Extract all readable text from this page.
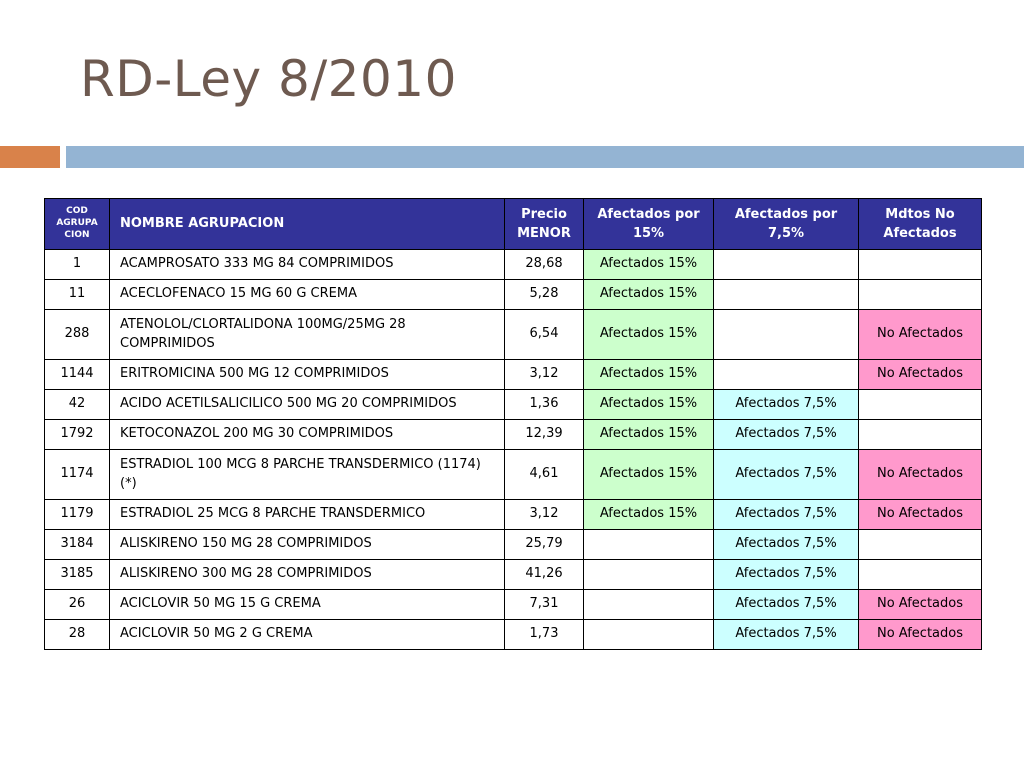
RD-Ley 8/2010
COD AGRUPA CION	NOMBRE AGRUPACION	Precio MENOR	Afectados por 15%	Afectados por 7,5%	Mdtos No Afectados
1	ACAMPROSATO 333 MG 84 COMPRIMIDOS	28,68	Afectados 15%		
11	ACECLOFENACO 15 MG 60 G CREMA	5,28	Afectados 15%		
288	ATENOLOL/CLORTALIDONA 100MG/25MG 28 COMPRIMIDOS	6,54	Afectados 15%		No Afectados
1144	ERITROMICINA 500 MG 12 COMPRIMIDOS	3,12	Afectados 15%		No Afectados
42	ACIDO ACETILSALICILICO 500 MG 20 COMPRIMIDOS	1,36	Afectados 15%	Afectados 7,5%	
1792	KETOCONAZOL 200 MG 30 COMPRIMIDOS	12,39	Afectados 15%	Afectados 7,5%	
1174	ESTRADIOL 100 MCG 8 PARCHE TRANSDERMICO (1174) (*)	4,61	Afectados 15%	Afectados 7,5%	No Afectados
1179	ESTRADIOL 25 MCG 8 PARCHE TRANSDERMICO	3,12	Afectados 15%	Afectados 7,5%	No Afectados
3184	ALISKIRENO 150 MG 28 COMPRIMIDOS	25,79		Afectados 7,5%	
3185	ALISKIRENO 300 MG 28 COMPRIMIDOS	41,26		Afectados 7,5%	
26	ACICLOVIR 50 MG 15 G CREMA	7,31		Afectados 7,5%	No Afectados
28	ACICLOVIR 50 MG 2 G CREMA	1,73		Afectados 7,5%	No Afectados
